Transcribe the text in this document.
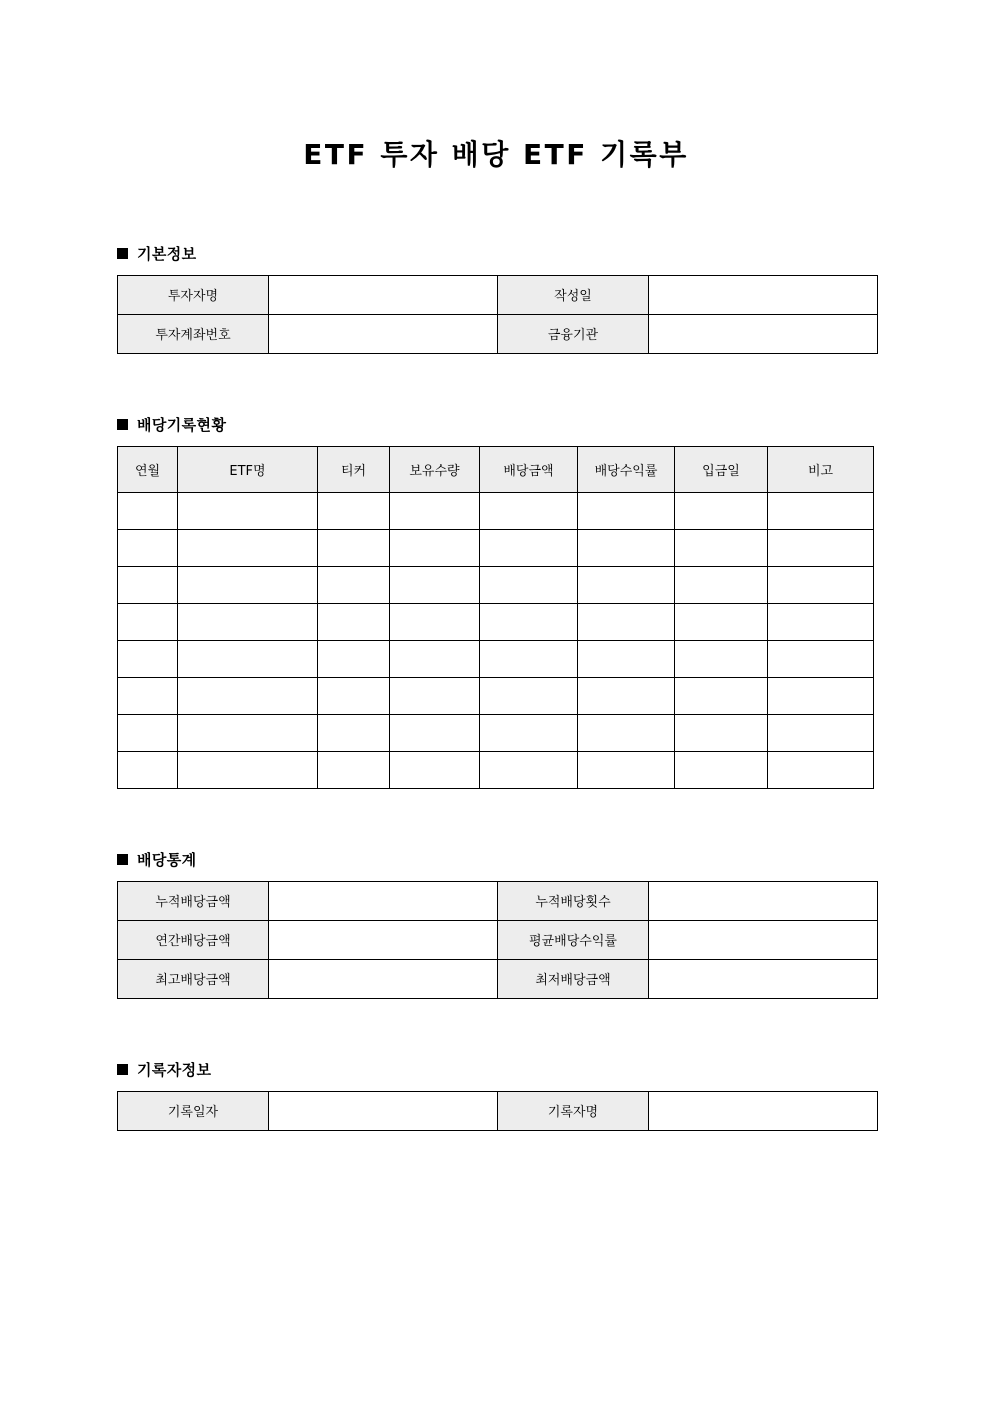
ETF 투자 배당 ETF 기록부
기본정보
투자자명		작성일	
투자계좌번호		금융기관	
배당기록현황
연월	ETF명	티커	보유수량	배당금액	배당수익률	입금일	비고

배당통계
누적배당금액		누적배당횟수	
연간배당금액		평균배당수익률	
최고배당금액		최저배당금액	
기록자정보
기록일자		기록자명	
